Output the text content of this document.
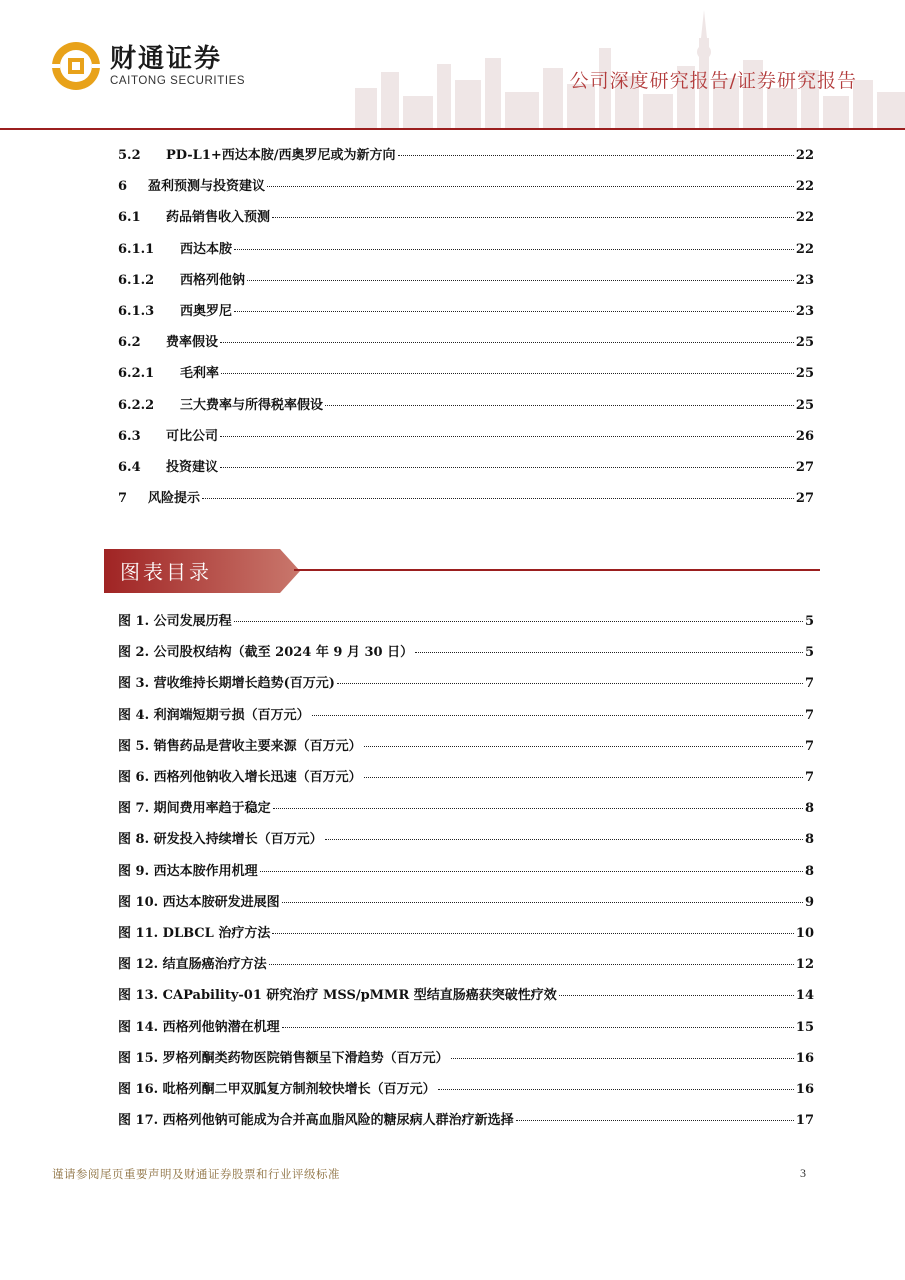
财通证券
CAITONG SECURITIES	公司深度研究报告/证券研究报告
5.2	PD-L1+西达本胺/西奥罗尼或为新方向	22
6	盈利预测与投资建议	22
6.1	药品销售收入预测	22
6.1.1	西达本胺	22
6.1.2	西格列他钠	23
6.1.3	西奥罗尼	23
6.2	费率假设	25
6.2.1	毛利率	25
6.2.2	三大费率与所得税率假设	25
6.3	可比公司	26
6.4	投资建议	27
7	风险提示	27
图表目录
图 1. 公司发展历程	5
图 2. 公司股权结构（截至 2024 年 9 月 30 日）	5
图 3. 营收维持长期增长趋势(百万元)	7
图 4. 利润端短期亏损（百万元）	7
图 5. 销售药品是营收主要来源（百万元）	7
图 6. 西格列他钠收入增长迅速（百万元）	7
图 7. 期间费用率趋于稳定	8
图 8. 研发投入持续增长（百万元）	8
图 9. 西达本胺作用机理	8
图 10. 西达本胺研发进展图	9
图 11. DLBCL 治疗方法	10
图 12. 结直肠癌治疗方法	12
图 13. CAPability-01 研究治疗 MSS/pMMR 型结直肠癌获突破性疗效	14
图 14. 西格列他钠潜在机理	15
图 15. 罗格列酮类药物医院销售额呈下滑趋势（百万元）	16
图 16. 吡格列酮二甲双胍复方制剂较快增长（百万元）	16
图 17. 西格列他钠可能成为合并高血脂风险的糖尿病人群治疗新选择	17
谨请参阅尾页重要声明及财通证券股票和行业评级标准	3
